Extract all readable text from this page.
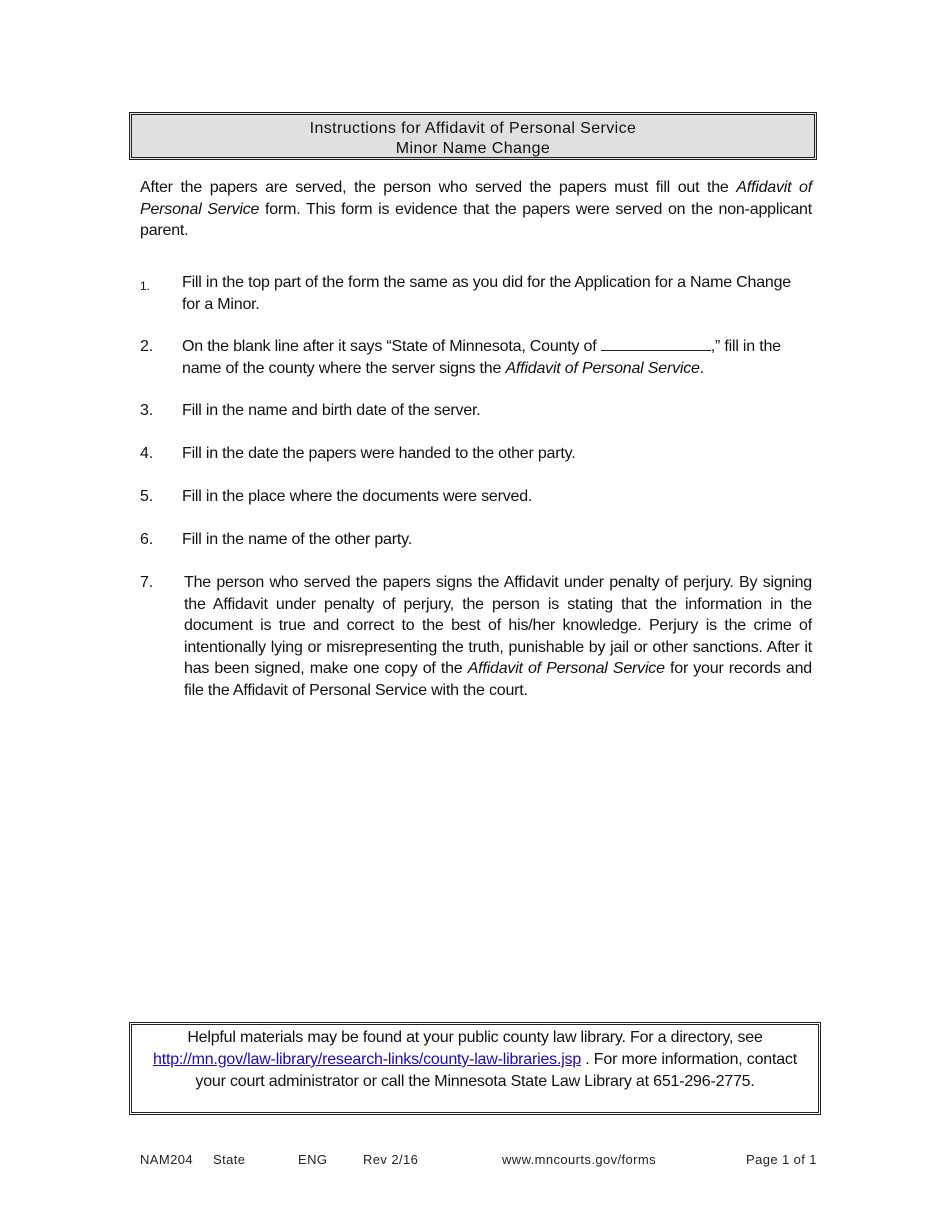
Instructions for Affidavit of Personal Service
Minor Name Change
After the papers are served, the person who served the papers must fill out the Affidavit of Personal Service form. This form is evidence that the papers were served on the non-applicant parent.
1. Fill in the top part of the form the same as you did for the Application for a Name Change for a Minor.
2. On the blank line after it says “State of Minnesota, County of	,” fill in the name of the county where the server signs the Affidavit of Personal Service.
3. Fill in the name and birth date of the server.
4. Fill in the date the papers were handed to the other party.
5. Fill in the place where the documents were served.
6. Fill in the name of the other party.
7. The person who served the papers signs the Affidavit under penalty of perjury. By signing the Affidavit under penalty of perjury, the person is stating that the information in the document is true and correct to the best of his/her knowledge. Perjury is the crime of intentionally lying or misrepresenting the truth, punishable by jail or other sanctions. After it has been signed, make one copy of the Affidavit of Personal Service for your records and file the Affidavit of Personal Service with the court.
Helpful materials may be found at your public county law library. For a directory, see http://mn.gov/law-library/research-links/county-law-libraries.jsp . For more information, contact your court administrator or call the Minnesota State Law Library at 651-296-2775.
NAM204 State	ENG	Rev 2/16	www.mncourts.gov/forms	Page 1 of 1
